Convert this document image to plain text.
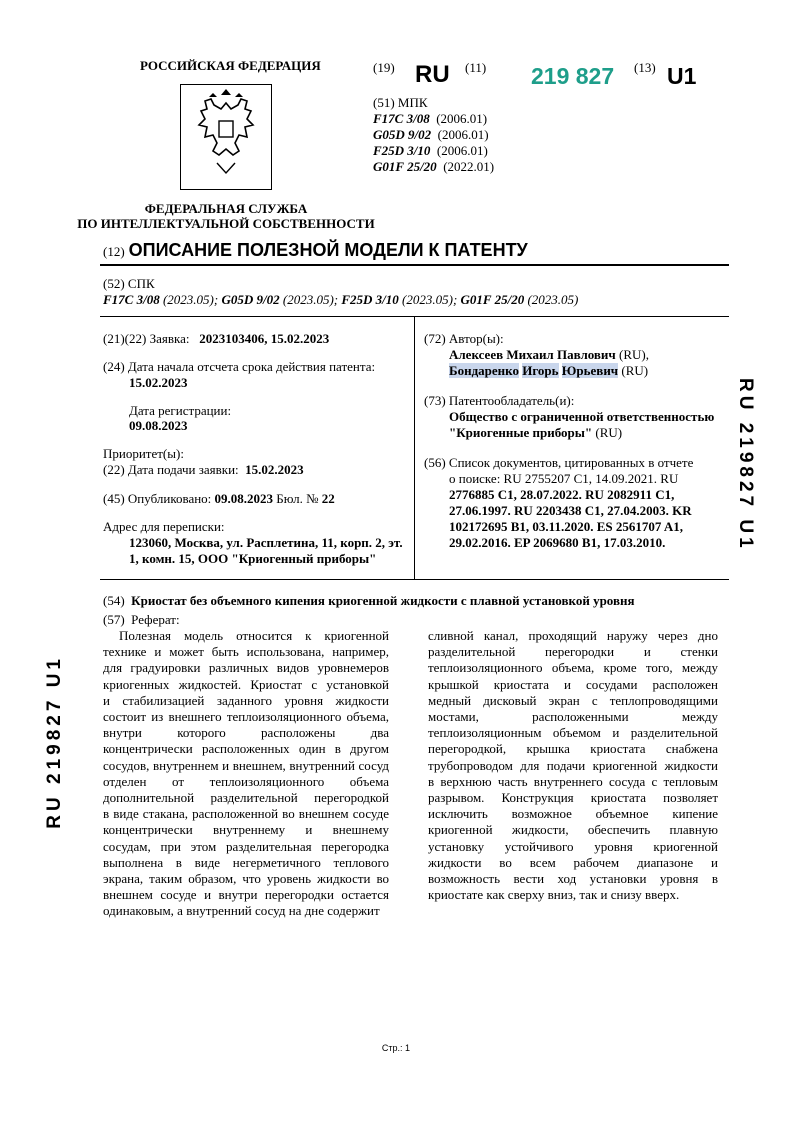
РОССИЙСКАЯ ФЕДЕРАЦИЯ
ФЕДЕРАЛЬНАЯ СЛУЖБА
ПО ИНТЕЛЛЕКТУАЛЬНОЙ СОБСТВЕННОСТИ
(19) RU (11) 219 827 (13) U1
(51) МПК
F17C 3/08 (2006.01)
G05D 9/02 (2006.01)
F25D 3/10 (2006.01)
G01F 25/20 (2022.01)
(12) ОПИСАНИЕ ПОЛЕЗНОЙ МОДЕЛИ К ПАТЕНТУ
(52) СПК
F17C 3/08 (2023.05); G05D 9/02 (2023.05); F25D 3/10 (2023.05); G01F 25/20 (2023.05)
(21)(22) Заявка: 2023103406, 15.02.2023
(24) Дата начала отсчета срока действия патента:
15.02.2023
Дата регистрации:
09.08.2023
Приоритет(ы):
(22) Дата подачи заявки: 15.02.2023
(45) Опубликовано: 09.08.2023 Бюл. № 22
Адрес для переписки:
123060, Москва, ул. Расплетина, 11, корп. 2, эт.
1, комн. 15, ООО "Криогенный приборы"
(72) Автор(ы):
Алексеев Михаил Павлович (RU),
Бондаренко Игорь Юрьевич (RU)
(73) Патентообладатель(и):
Общество с ограниченной ответственностью
"Криогенные приборы" (RU)
(56) Список документов, цитированных в отчете
о поиске: RU 2755207 C1, 14.09.2021. RU
2776885 C1, 28.07.2022. RU 2082911 C1,
27.06.1997. RU 2203438 C1, 27.04.2003. KR
102172695 B1, 03.11.2020. ES 2561707 A1,
29.02.2016. EP 2069680 B1, 17.03.2010.
(54) Криостат без объемного кипения криогенной жидкости с плавной установкой уровня
(57) Реферат:
Полезная модель относится к криогенной
технике и может быть использована, например,
для градуировки различных видов уровнемеров
криогенных жидкостей. Криостат с установкой
и стабилизацией заданного уровня жидкости
состоит из внешнего теплоизоляционного объема,
внутри которого расположены два
концентрически расположенных один в другом
сосудов, внутреннем и внешнем, внутренний сосуд
отделен от теплоизоляционного объема
дополнительной разделительной перегородкой
в виде стакана, расположенной во внешнем сосуде
концентрически внутреннему и внешнему
сосудам, при этом разделительная перегородка
выполнена в виде негерметичного теплового
экрана, таким образом, что уровень жидкости во
внешнем сосуде и внутри перегородки остается
одинаковым, а внутренний сосуд на дне содержит
сливной канал, проходящий наружу через дно
разделительной перегородки и стенки
теплоизоляционного объема, кроме того, между
крышкой криостата и сосудами расположен
медный дисковый экран с теплопроводящими
мостами, расположенными между
теплоизоляционным объемом и разделительной
перегородкой, крышка криостата снабжена
трубопроводом для подачи криогенной жидкости
в верхнюю часть внутреннего сосуда с тепловым
разрывом. Конструкция криостата позволяет
исключить возможное объемное кипение
криогенной жидкости, обеспечить плавную
установку устойчивого уровня криогенной
жидкости во всем рабочем диапазоне и
возможность вести ход установки уровня в
криостате как сверху вниз, так и снизу вверх.
RU 219827 U1
RU 219827 U1
Стр.: 1
